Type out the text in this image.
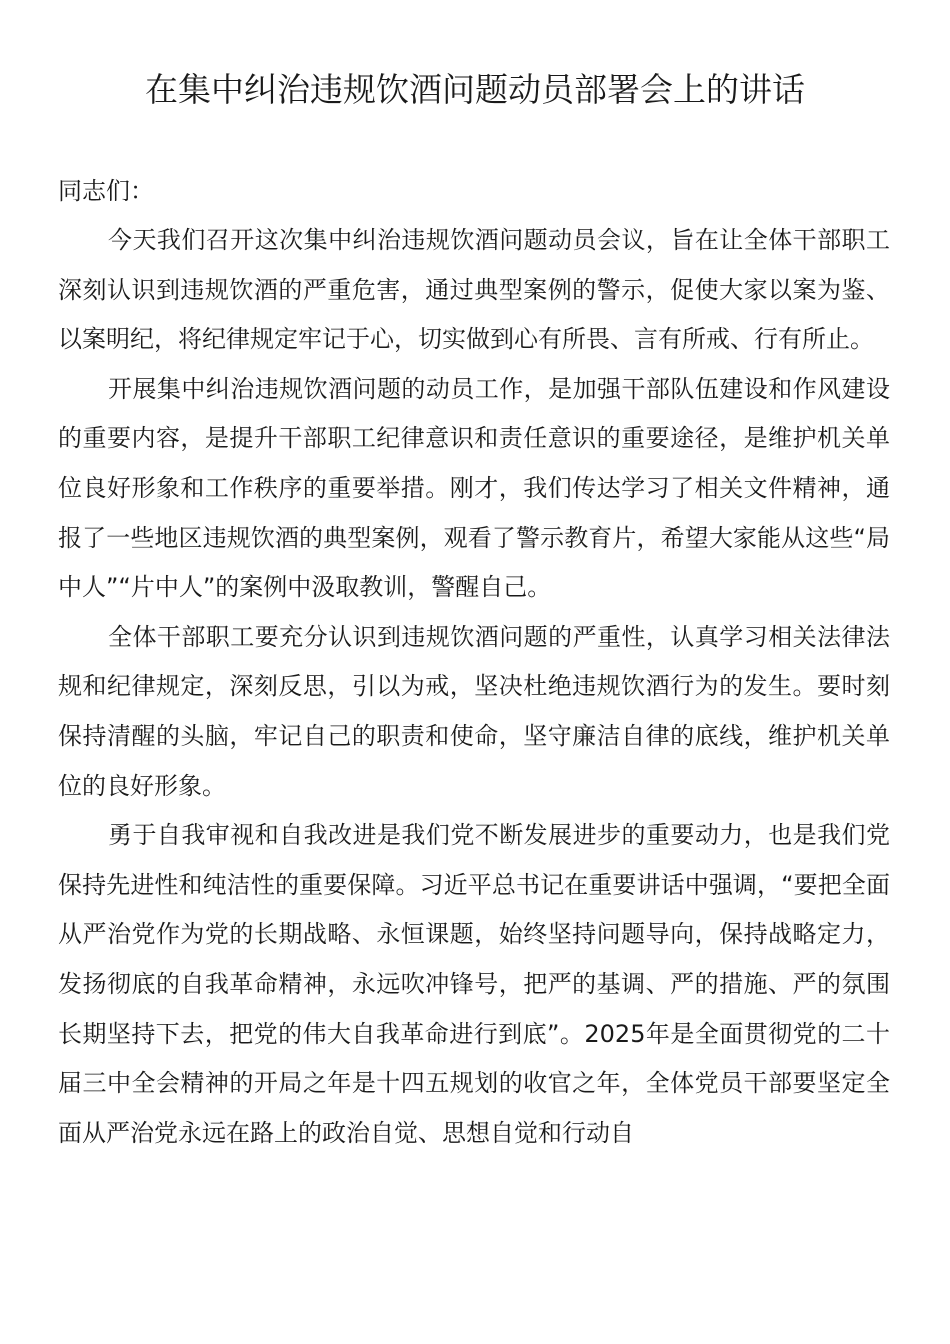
在集中纠治违规饮酒问题动员部署会上的讲话

同志们：

今天我们召开这次集中纠治违规饮酒问题动员会议，旨在让全体干部职工深刻认识到违规饮酒的严重危害，通过典型案例的警示，促使大家以案为鉴、以案明纪，将纪律规定牢记于心，切实做到心有所畏、言有所戒、行有所止。

开展集中纠治违规饮酒问题的动员工作，是加强干部队伍建设和作风建设的重要内容，是提升干部职工纪律意识和责任意识的重要途径，是维护机关单位良好形象和工作秩序的重要举措。刚才，我们传达学习了相关文件精神，通报了一些地区违规饮酒的典型案例，观看了警示教育片，希望大家能从这些“局中人”“片中人”的案例中汲取教训，警醒自己。

全体干部职工要充分认识到违规饮酒问题的严重性，认真学习相关法律法规和纪律规定，深刻反思，引以为戒，坚决杜绝违规饮酒行为的发生。要时刻保持清醒的头脑，牢记自己的职责和使命，坚守廉洁自律的底线，维护机关单位的良好形象。

勇于自我审视和自我改进是我们党不断发展进步的重要动力，也是我们党保持先进性和纯洁性的重要保障。习近平总书记在重要讲话中强调，“要把全面从严治党作为党的长期战略、永恒课题，始终坚持问题导向，保持战略定力，发扬彻底的自我革命精神，永远吹冲锋号，把严的基调、严的措施、严的氛围长期坚持下去，把党的伟大自我革命进行到底”。2025年是全面贯彻党的二十届三中全会精神的开局之年是十四五规划的收官之年，全体党员干部要坚定全面从严治党永远在路上的政治自觉、思想自觉和行动自
